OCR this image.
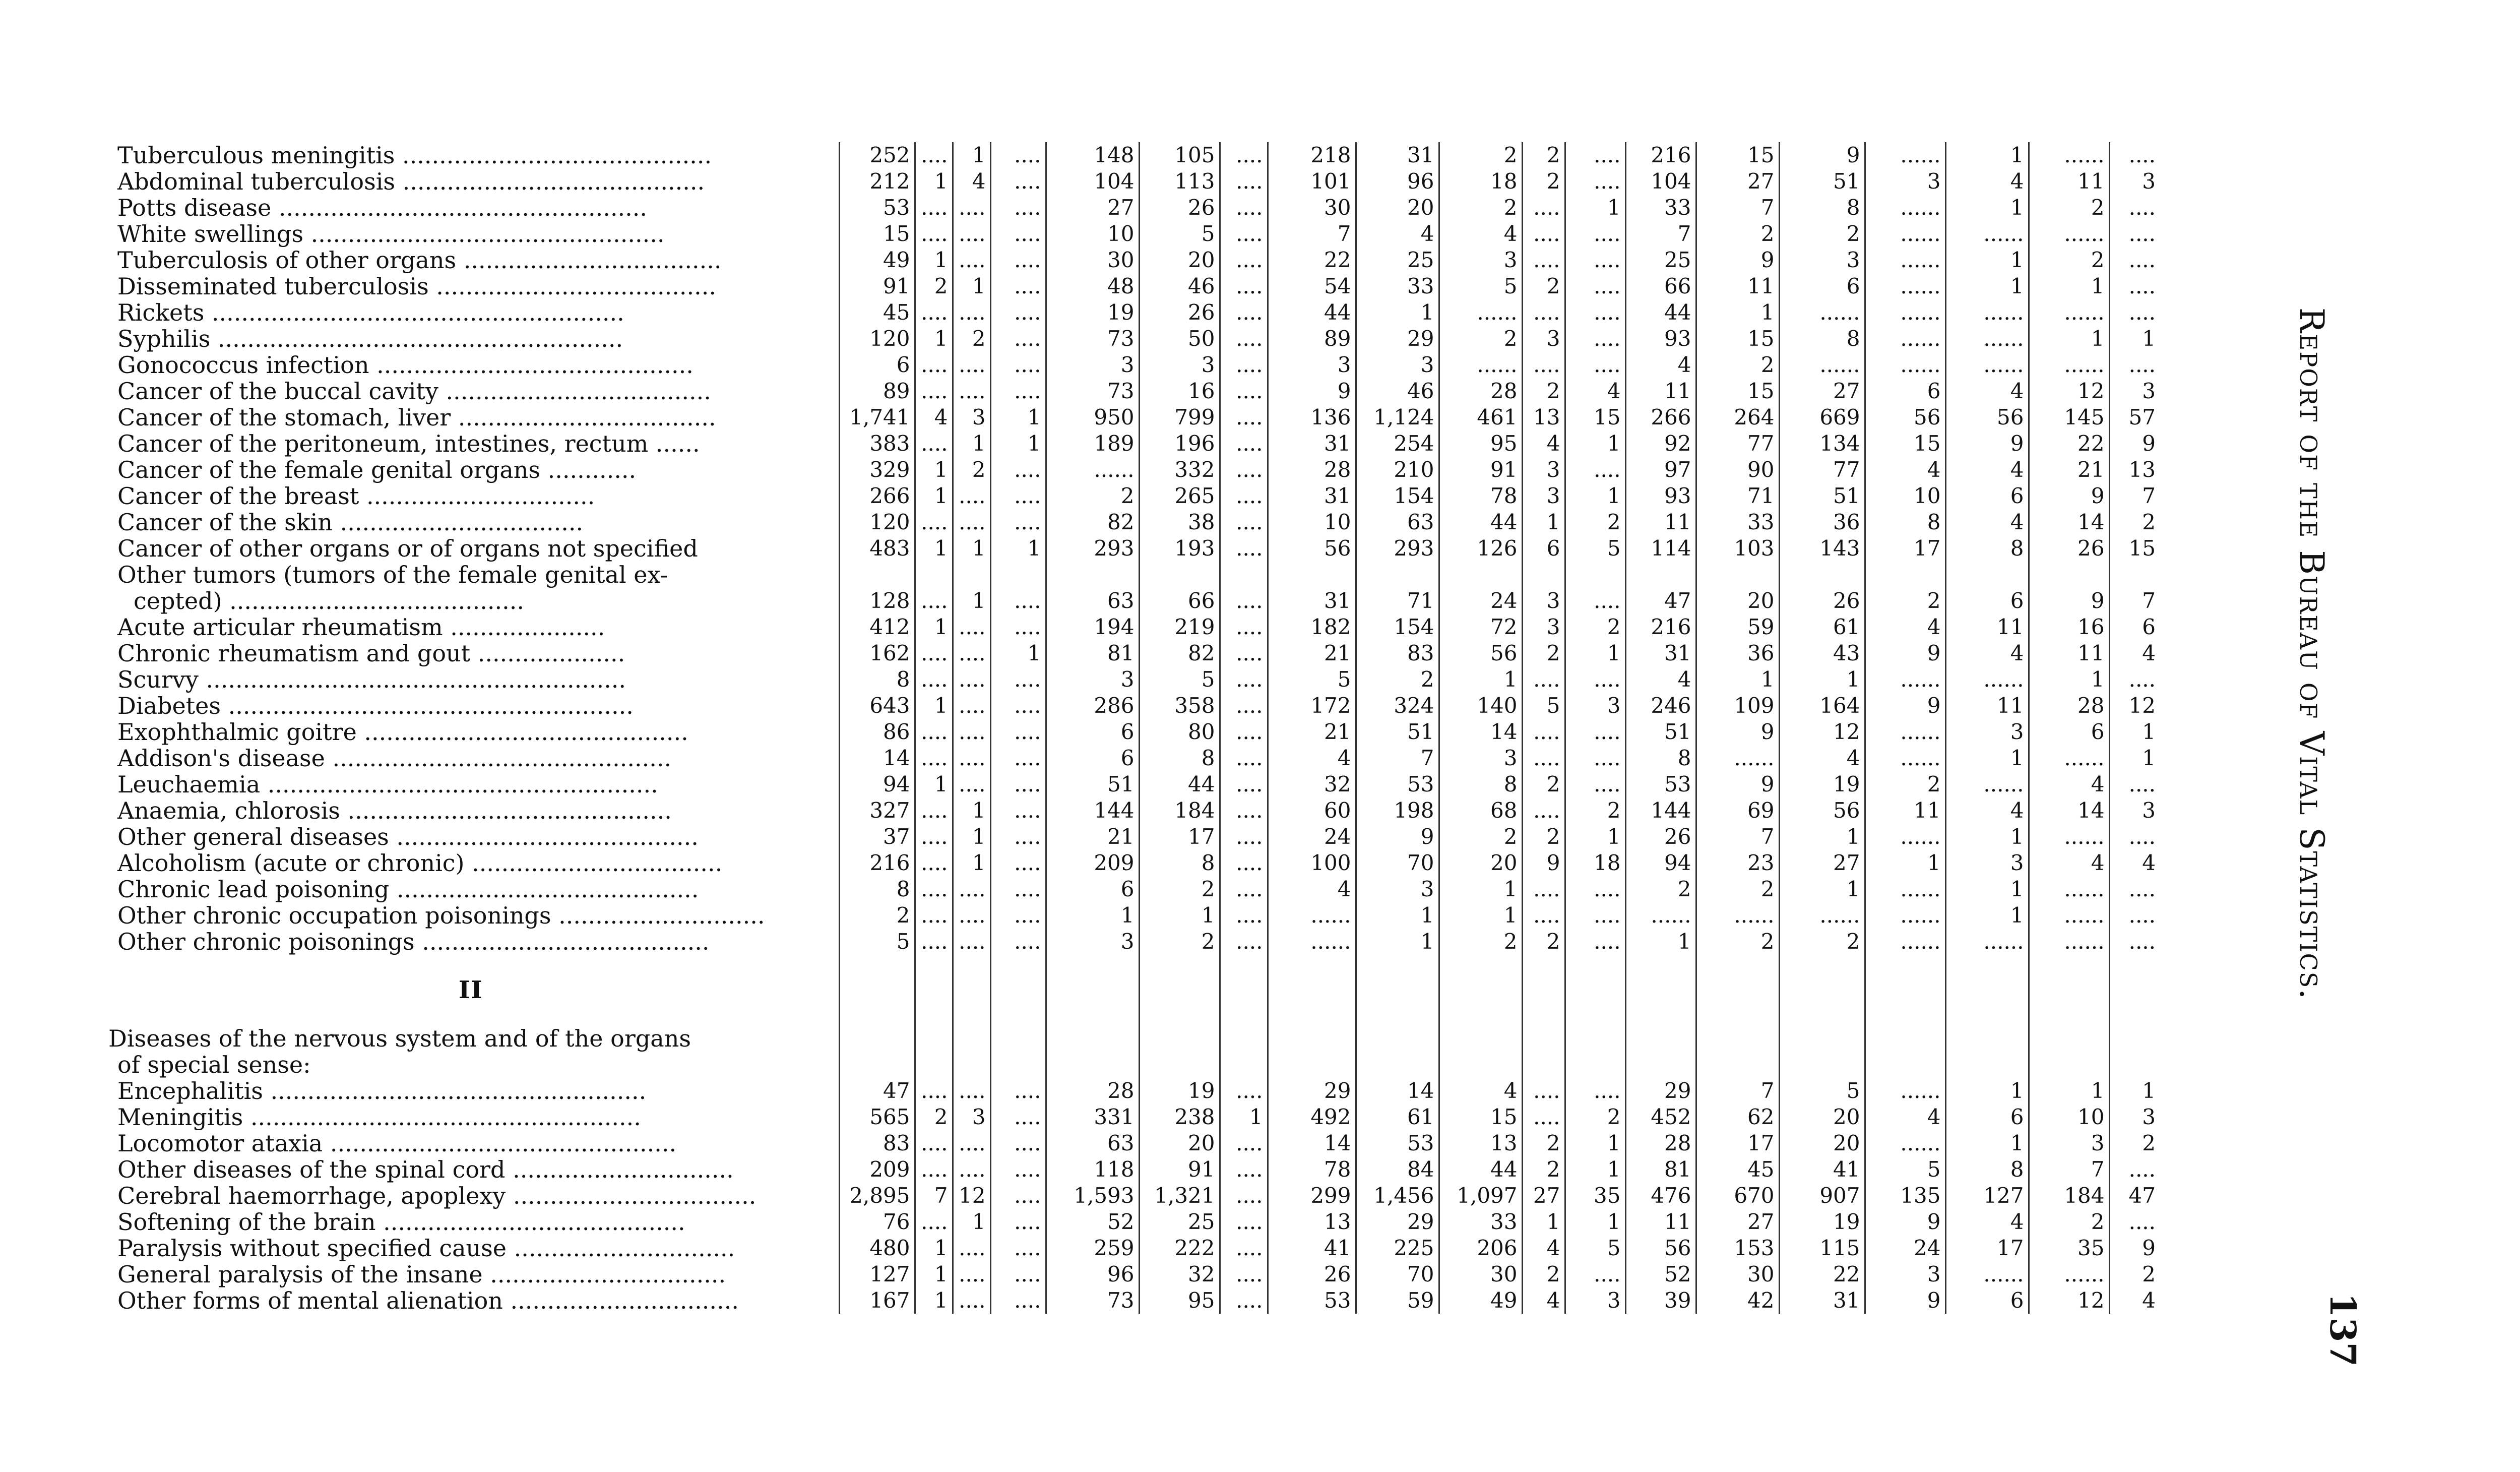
Tuberculous meningitis ..........................................	252	....	1	....	148	105	....	218	31	2	2	....	216	15	9	......	1	......	....
Abdominal tuberculosis .........................................	212	1	4	....	104	113	....	101	96	18	2	....	104	27	51	3	4	11	3
Potts disease ..................................................	53	....	....	....	27	26	....	30	20	2	....	1	33	7	8	......	1	2	....
White swellings ................................................	15	....	....	....	10	5	....	7	4	4	....	....	7	2	2	......	......	......	....
Tuberculosis of other organs ...................................	49	1	....	....	30	20	....	22	25	3	....	....	25	9	3	......	1	2	....
Disseminated tuberculosis ......................................	91	2	1	....	48	46	....	54	33	5	2	....	66	11	6	......	1	1	....
Rickets ........................................................	45	....	....	....	19	26	....	44	1	......	....	....	44	1	......	......	......	......	....
Syphilis .......................................................	120	1	2	....	73	50	....	89	29	2	3	....	93	15	8	......	......	1	1
Gonococcus infection ...........................................	6	....	....	....	3	3	....	3	3	......	....	....	4	2	......	......	......	......	....
Cancer of the buccal cavity ....................................	89	....	....	....	73	16	....	9	46	28	2	4	11	15	27	6	4	12	3
Cancer of the stomach, liver ...................................	1,741	4	3	1	950	799	....	136	1,124	461	13	15	266	264	669	56	56	145	57
Cancer of the peritoneum, intestines, rectum ......	383	....	1	1	189	196	....	31	254	95	4	1	92	77	134	15	9	22	9
Cancer of the female genital organs ............	329	1	2	....	......	332	....	28	210	91	3	....	97	90	77	4	4	21	13
Cancer of the breast ...............................	266	1	....	....	2	265	....	31	154	78	3	1	93	71	51	10	6	9	7
Cancer of the skin .................................	120	....	....	....	82	38	....	10	63	44	1	2	11	33	36	8	4	14	2
Cancer of other organs or of organs not specified	483	1	1	1	293	193	....	56	293	126	6	5	114	103	143	17	8	26	15
Other tumors (tumors of the female genital ex-																			
cepted) ........................................	128	....	1	....	63	66	....	31	71	24	3	....	47	20	26	2	6	9	7
Acute articular rheumatism .....................	412	1	....	....	194	219	....	182	154	72	3	2	216	59	61	4	11	16	6
Chronic rheumatism and gout ....................	162	....	....	1	81	82	....	21	83	56	2	1	31	36	43	9	4	11	4
Scurvy .........................................................	8	....	....	....	3	5	....	5	2	1	....	....	4	1	1	......	......	1	....
Diabetes .......................................................	643	1	....	....	286	358	....	172	324	140	5	3	246	109	164	9	11	28	12
Exophthalmic goitre ............................................	86	....	....	....	6	80	....	21	51	14	....	....	51	9	12	......	3	6	1
Addison's disease ..............................................	14	....	....	....	6	8	....	4	7	3	....	....	8	......	4	......	1	......	1
Leuchaemia .....................................................	94	1	....	....	51	44	....	32	53	8	2	....	53	9	19	2	......	4	....
Anaemia, chlorosis ............................................	327	....	1	....	144	184	....	60	198	68	....	2	144	69	56	11	4	14	3
Other general diseases .........................................	37	....	1	....	21	17	....	24	9	2	2	1	26	7	1	......	1	......	....
Alcoholism (acute or chronic) ..................................	216	....	1	....	209	8	....	100	70	20	9	18	94	23	27	1	3	4	4
Chronic lead poisoning .........................................	8	....	....	....	6	2	....	4	3	1	....	....	2	2	1	......	1	......	....
Other chronic occupation poisonings ............................	2	....	....	....	1	1	....	......	1	1	....	....	......	......	......	......	1	......	....
Other chronic poisonings .......................................	5	....	....	....	3	2	....	......	1	2	2	....	1	2	2	......	......	......	....
II																			
Diseases of the nervous system and of the organs																			
of special sense:																			
Encephalitis ...................................................	47	....	....	....	28	19	....	29	14	4	....	....	29	7	5	......	1	1	1
Meningitis .....................................................	565	2	3	....	331	238	1	492	61	15	....	2	452	62	20	4	6	10	3
Locomotor ataxia ...............................................	83	....	....	....	63	20	....	14	53	13	2	1	28	17	20	......	1	3	2
Other diseases of the spinal cord ..............................	209	....	....	....	118	91	....	78	84	44	2	1	81	45	41	5	8	7	....
Cerebral haemorrhage, apoplexy .................................	2,895	7	12	....	1,593	1,321	....	299	1,456	1,097	27	35	476	670	907	135	127	184	47
Softening of the brain .........................................	76	....	1	....	52	25	....	13	29	33	1	1	11	27	19	9	4	2	....
Paralysis without specified cause ..............................	480	1	....	....	259	222	....	41	225	206	4	5	56	153	115	24	17	35	9
General paralysis of the insane ................................	127	1	....	....	96	32	....	26	70	30	2	....	52	30	22	3	......	......	2
Other forms of mental alienation ...............................	167	1	....	....	73	95	....	53	59	49	4	3	39	42	31	9	6	12	4
Report of the Bureau of Vital Statistics.
137
